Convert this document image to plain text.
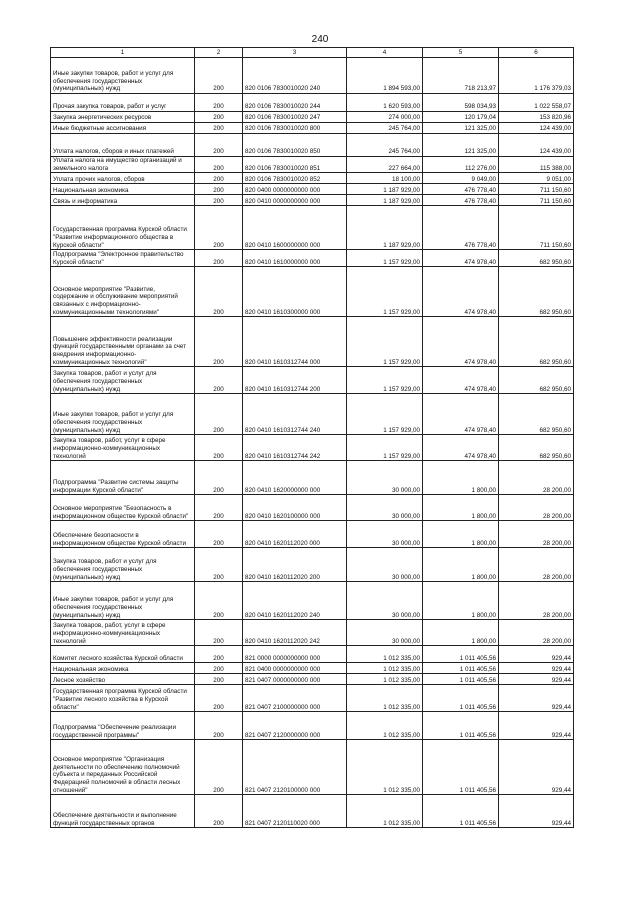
240
1	2	3	4	5	6
Иные закупки товаров, работ и услуг для обеспечения государственных (муниципальных) нужд	200	820 0106 7830010020 240	1 894 593,00	718 213,97	1 176 379,03
Прочая закупка товаров, работ и услуг	200	820 0106 7830010020 244	1 620 593,00	598 034,93	1 022 558,07
Закупка энергетических ресурсов	200	820 0106 7830010020 247	274 000,00	120 179,04	153 820,96
Иные бюджетные ассигнования	200	820 0106 7830010020 800	245 764,00	121 325,00	124 439,00
Уплата налогов, сборов и иных платежей	200	820 0106 7830010020 850	245 764,00	121 325,00	124 439,00
Уплата налога на имущество организаций и земельного налога	200	820 0106 7830010020 851	227 664,00	112 276,00	115 388,00
Уплата прочих налогов, сборов	200	820 0106 7830010020 852	18 100,00	9 049,00	9 051,00
Национальная экономика	200	820 0400 0000000000 000	1 187 929,00	476 778,40	711 150,60
Связь и информатика	200	820 0410 0000000000 000	1 187 929,00	476 778,40	711 150,60
Государственная программа Курской области "Развитие информационного общества в Курской области"	200	820 0410 1600000000 000	1 187 929,00	476 778,40	711 150,60
Подпрограмма "Электронное правительство Курской области"	200	820 0410 1610000000 000	1 157 929,00	474 978,40	682 950,60
Основное мероприятие "Развитие, содержание и обслуживание мероприятий связанных с информационно-коммуникационными технологиями"	200	820 0410 1610300000 000	1 157 929,00	474 978,40	682 950,60
Повышение эффективности реализации функций государственными органами за счет внедрения информационно-коммуникационных технологий"	200	820 0410 1610312744 000	1 157 929,00	474 978,40	682 950,60
Закупка товаров, работ и услуг для обеспечения государственных (муниципальных) нужд	200	820 0410 1610312744 200	1 157 929,00	474 978,40	682 950,60
Иные закупки товаров, работ и услуг для обеспечения государственных (муниципальных) нужд	200	820 0410 1610312744 240	1 157 929,00	474 978,40	682 950,60
Закупка товаров, работ, услуг в сфере информационно-коммуникационных технологий	200	820 0410 1610312744 242	1 157 929,00	474 978,40	682 950,60
Подпрограмма "Развитие системы защиты информации Курской области"	200	820 0410 1620000000 000	30 000,00	1 800,00	28 200,00
Основное мероприятие "Безопасность в информационном обществе Курской области"	200	820 0410 1620100000 000	30 000,00	1 800,00	28 200,00
Обеспечение безопасности в информационном обществе Курской области	200	820 0410 1620112020 000	30 000,00	1 800,00	28 200,00
Закупка товаров, работ и услуг для обеспечения государственных (муниципальных) нужд	200	820 0410 1620112020 200	30 000,00	1 800,00	28 200,00
Иные закупки товаров, работ и услуг для обеспечения государственных (муниципальных) нужд	200	820 0410 1620112020 240	30 000,00	1 800,00	28 200,00
Закупка товаров, работ, услуг в сфере информационно-коммуникационных технологий	200	820 0410 1620112020 242	30 000,00	1 800,00	28 200,00
Комитет лесного хозяйства Курской области	200	821 0000 0000000000 000	1 012 335,00	1 011 405,56	929,44
Национальная экономика	200	821 0400 0000000000 000	1 012 335,00	1 011 405,56	929,44
Лесное хозяйство	200	821 0407 0000000000 000	1 012 335,00	1 011 405,56	929,44
Государственная программа Курской области "Развитие лесного хозяйства в Курской области"	200	821 0407 2100000000 000	1 012 335,00	1 011 405,56	929,44
Подпрограмма "Обеспечение реализации государственной программы"	200	821 0407 2120000000 000	1 012 335,00	1 011 405,56	929,44
Основное мероприятие "Организация деятельности по обеспечению полномочий субъекта и переданных Российской Федерацией полномочий в области лесных отношений"	200	821 0407 2120100000 000	1 012 335,00	1 011 405,56	929,44
Обеспечение деятельности и выполнение функций государственных органов	200	821 0407 2120110020 000	1 012 335,00	1 011 405,56	929,44
